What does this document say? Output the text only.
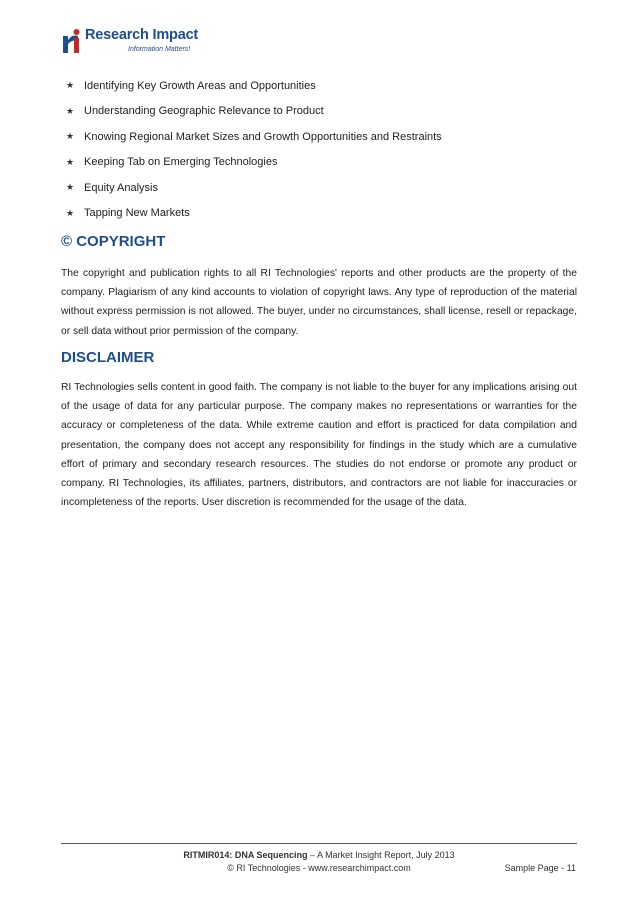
Research Impact
Information Matters!
★ Identifying Key Growth Areas and Opportunities
★ Understanding Geographic Relevance to Product
★ Knowing Regional Market Sizes and Growth Opportunities and Restraints
★ Keeping Tab on Emerging Technologies
★ Equity Analysis
★ Tapping New Markets
© COPYRIGHT

The copyright and publication rights to all RI Technologies' reports and other products are the property of the company. Plagiarism of any kind accounts to violation of copyright laws. Any type of reproduction of the material without express permission is not allowed. The buyer, under no circumstances, shall license, resell or repackage, or sell data without prior permission of the company.

DISCLAIMER

RI Technologies sells content in good faith. The company is not liable to the buyer for any implications arising out of the usage of data for any particular purpose. The company makes no representations or warranties for the accuracy or completeness of the data. While extreme caution and effort is practiced for data compilation and presentation, the company does not accept any responsibility for findings in the study which are a cumulative effort of primary and secondary research resources. The studies do not endorse or promote any product or company. RI Technologies, its affiliates, partners, distributors, and contractors are not liable for inaccuracies or incompleteness of the reports. User discretion is recommended for the usage of the data.

RITMIR014: DNA Sequencing – A Market Insight Report, July 2013
© RI Technologies - www.researchimpact.com	Sample Page - 11
